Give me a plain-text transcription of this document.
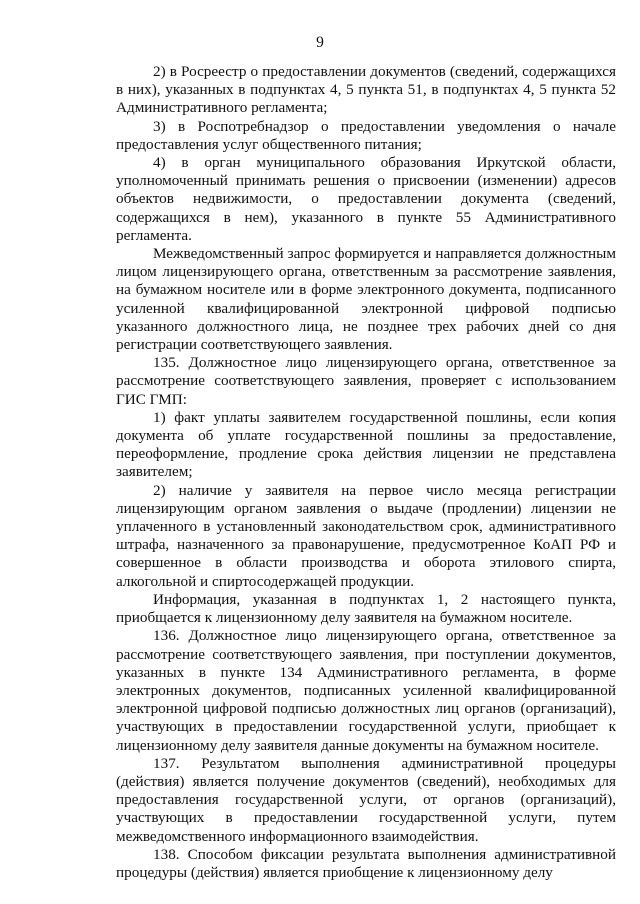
9

2) в Росреестр о предоставлении документов (сведений, содержащихся в них), указанных в подпунктах 4, 5 пункта 51, в подпунктах 4, 5 пункта 52 Административного регламента;

3) в Роспотребнадзор о предоставлении уведомления о начале предоставления услуг общественного питания;

4) в орган муниципального образования Иркутской области, уполномоченный принимать решения о присвоении (изменении) адресов объектов недвижимости, о предоставлении документа (сведений, содержащихся в нем), указанного в пункте 55 Административного регламента.

Межведомственный запрос формируется и направляется должностным лицом лицензирующего органа, ответственным за рассмотрение заявления, на бумажном носителе или в форме электронного документа, подписанного усиленной квалифицированной электронной цифровой подписью указанного должностного лица, не позднее трех рабочих дней со дня регистрации соответствующего заявления.

135. Должностное лицо лицензирующего органа, ответственное за рассмотрение соответствующего заявления, проверяет с использованием ГИС ГМП:

1) факт уплаты заявителем государственной пошлины, если копия документа об уплате государственной пошлины за предоставление, переоформление, продление срока действия лицензии не представлена заявителем;

2) наличие у заявителя на первое число месяца регистрации лицензирующим органом заявления о выдаче (продлении) лицензии не уплаченного в установленный законодательством срок, административного штрафа, назначенного за правонарушение, предусмотренное КоАП РФ и совершенное в области производства и оборота этилового спирта, алкогольной и спиртосодержащей продукции.

Информация, указанная в подпунктах 1, 2 настоящего пункта, приобщается к лицензионному делу заявителя на бумажном носителе.

136. Должностное лицо лицензирующего органа, ответственное за рассмотрение соответствующего заявления, при поступлении документов, указанных в пункте 134 Административного регламента, в форме электронных документов, подписанных усиленной квалифицированной электронной цифровой подписью должностных лиц органов (организаций), участвующих в предоставлении государственной услуги, приобщает к лицензионному делу заявителя данные документы на бумажном носителе.

137. Результатом выполнения административной процедуры (действия) является получение документов (сведений), необходимых для предоставления государственной услуги, от органов (организаций), участвующих в предоставлении государственной услуги, путем межведомственного информационного взаимодействия.

138. Способом фиксации результата выполнения административной процедуры (действия) является приобщение к лицензионному делу
